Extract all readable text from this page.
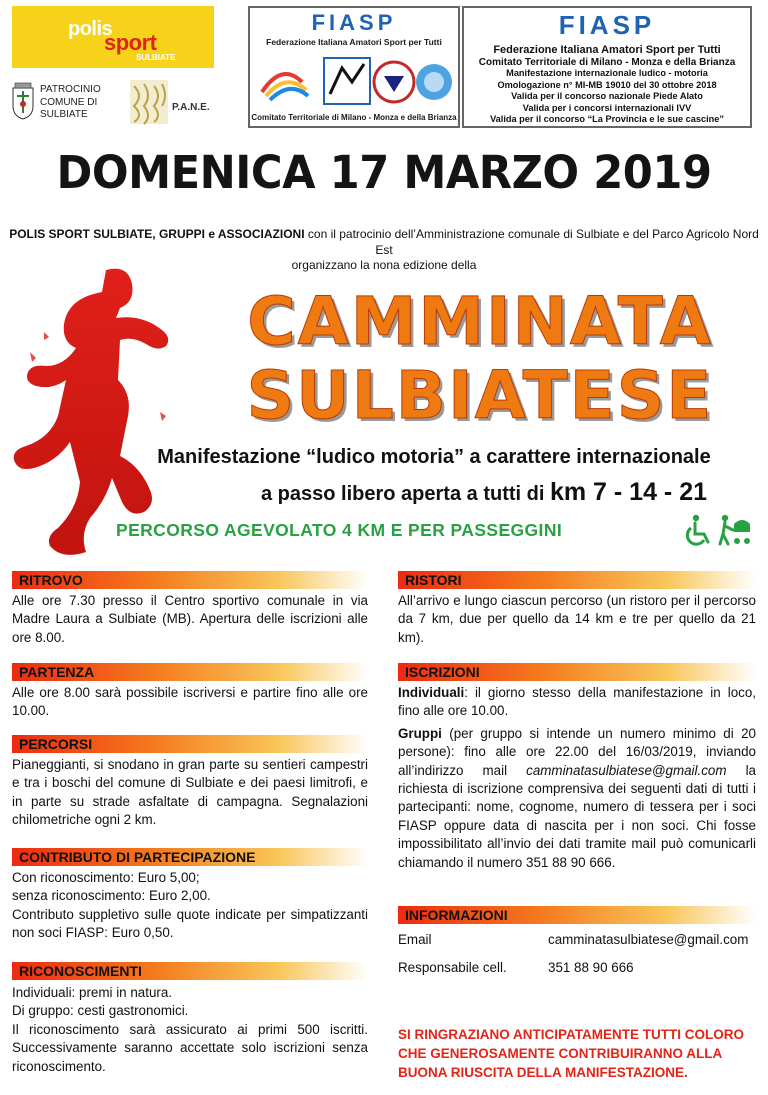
polis
sport
SULBIATE
PATROCINIO
COMUNE DI
SULBIATE
P.A.N.E.
FIASP
Federazione Italiana Amatori Sport per Tutti
Comitato Territoriale di Milano - Monza e della Brianza
FIASP
Federazione Italiana Amatori Sport per Tutti
Comitato Territoriale di Milano - Monza e della Brianza
Manifestazione internazionale ludico - motoria
Omologazione n° MI-MB 19010 del 30 ottobre 2018
Valida per il concorso nazionale Piede Alato
Valida per i concorsi internazionali IVV
Valida per il concorso “La Provincia e le sue cascine”
DOMENICA 17 MARZO 2019
POLIS SPORT SULBIATE, GRUPPI e ASSOCIAZIONI con il patrocinio dell’Amministrazione comunale di Sulbiate e del Parco Agricolo Nord Est
organizzano la nona edizione della
CAMMINATA
SULBIATESE
Manifestazione “ludico motoria” a carattere internazionale
a passo libero aperta a tutti di km 7 - 14 - 21
PERCORSO AGEVOLATO 4 KM E PER PASSEGGINI
RITROVO
Alle ore 7.30 presso il Centro sportivo comunale in via Madre Laura a Sulbiate (MB). Apertura delle iscrizioni alle ore 8.00.
PARTENZA
Alle ore 8.00 sarà possibile iscriversi e partire fino alle ore 10.00.
PERCORSI
Pianeggianti, si snodano in gran parte su sentieri campestri e tra i boschi del comune di Sulbiate e dei paesi limitrofi, e in parte su strade asfaltate di campagna. Segnalazioni chilometriche ogni 2 km.
CONTRIBUTO DI PARTECIPAZIONE
Con riconoscimento: Euro 5,00;
senza riconoscimento: Euro 2,00.
Contributo suppletivo sulle quote indicate per simpatizzanti non soci FIASP: Euro 0,50.
RICONOSCIMENTI
Individuali: premi in natura.
Di gruppo: cesti gastronomici.
Il riconoscimento sarà assicurato ai primi 500 iscritti. Successivamente saranno accettate solo iscrizioni senza riconoscimento.
RISTORI
All’arrivo e lungo ciascun percorso (un ristoro per il percorso da 7 km, due per quello da 14 km e tre per quello da 21 km).
ISCRIZIONI
Individuali: il giorno stesso della manifestazione in loco, fino alle ore 10.00.
Gruppi (per gruppo si intende un numero minimo di 20 persone): fino alle ore 22.00 del 16/03/2019, inviando all’indirizzo mail camminatasulbiatese@gmail.com la richiesta di iscrizione comprensiva dei seguenti dati di tutti i partecipanti: nome, cognome, numero di tessera per i soci FIASP oppure data di nascita per i non soci. Chi fosse impossibilitato all’invio dei dati tramite mail può comunicarli chiamando il numero 351 88 90 666.
INFORMAZIONI
Email	camminatasulbiatese@gmail.com
Responsabile cell.	351 88 90 666
SI RINGRAZIANO ANTICIPATAMENTE TUTTI COLORO CHE GENEROSAMENTE CONTRIBUIRANNO ALLA BUONA RIUSCITA DELLA MANIFESTAZIONE.
